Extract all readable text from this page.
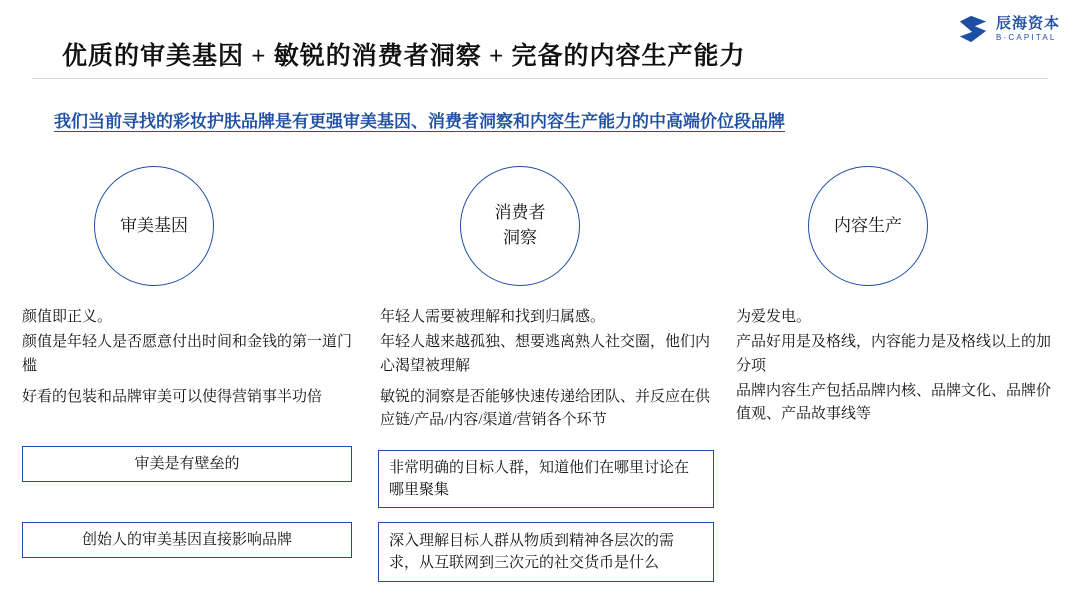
辰海资本
B·CAPITAL
优质的审美基因 + 敏锐的消费者洞察 + 完备的内容生产能力
我们当前寻找的彩妆护肤品牌是有更强审美基因、消费者洞察和内容生产能力的中高端价位段品牌
审美基因

颜值即正义。

颜值是年轻人是否愿意付出时间和金钱的第一道门槛

好看的包装和品牌审美可以使得营销事半功倍

消费者
洞察

年轻人需要被理解和找到归属感。

年轻人越来越孤独、想要逃离熟人社交圈，他们内心渴望被理解

敏锐的洞察是否能够快速传递给团队、并反应在供应链/产品/内容/渠道/营销各个环节

内容生产

为爱发电。

产品好用是及格线，内容能力是及格线以上的加分项

品牌内容生产包括品牌内核、品牌文化、品牌价值观、产品故事线等

审美是有壁垒的
创始人的审美基因直接影响品牌
非常明确的目标人群，知道他们在哪里讨论在哪里聚集
深入理解目标人群从物质到精神各层次的需求，从互联网到三次元的社交货币是什么
